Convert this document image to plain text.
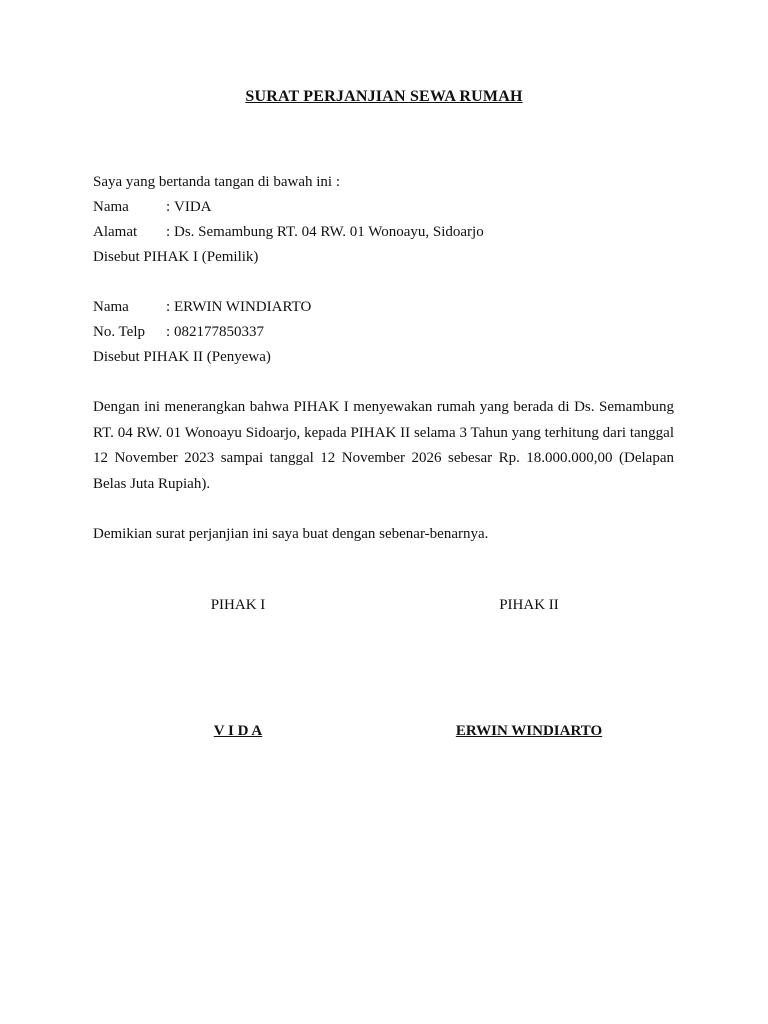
SURAT PERJANJIAN SEWA RUMAH
Saya yang bertanda tangan di bawah ini :
Nama	: VIDA
Alamat	: Ds. Semambung RT. 04 RW. 01 Wonoayu, Sidoarjo
Disebut PIHAK I (Pemilik)
Nama	: ERWIN WINDIARTO
No. Telp	: 082177850337
Disebut PIHAK II (Penyewa)

Dengan ini menerangkan bahwa PIHAK I menyewakan rumah yang berada di Ds. Semambung RT. 04 RW. 01 Wonoayu Sidoarjo, kepada PIHAK II selama 3 Tahun yang terhitung dari tanggal 12 November 2023 sampai tanggal 12 November 2026 sebesar Rp. 18.000.000,00 (Delapan Belas Juta Rupiah).

Demikian surat perjanjian ini saya buat dengan sebenar-benarnya.
PIHAK I	PIHAK II
V I D A	ERWIN WINDIARTO
